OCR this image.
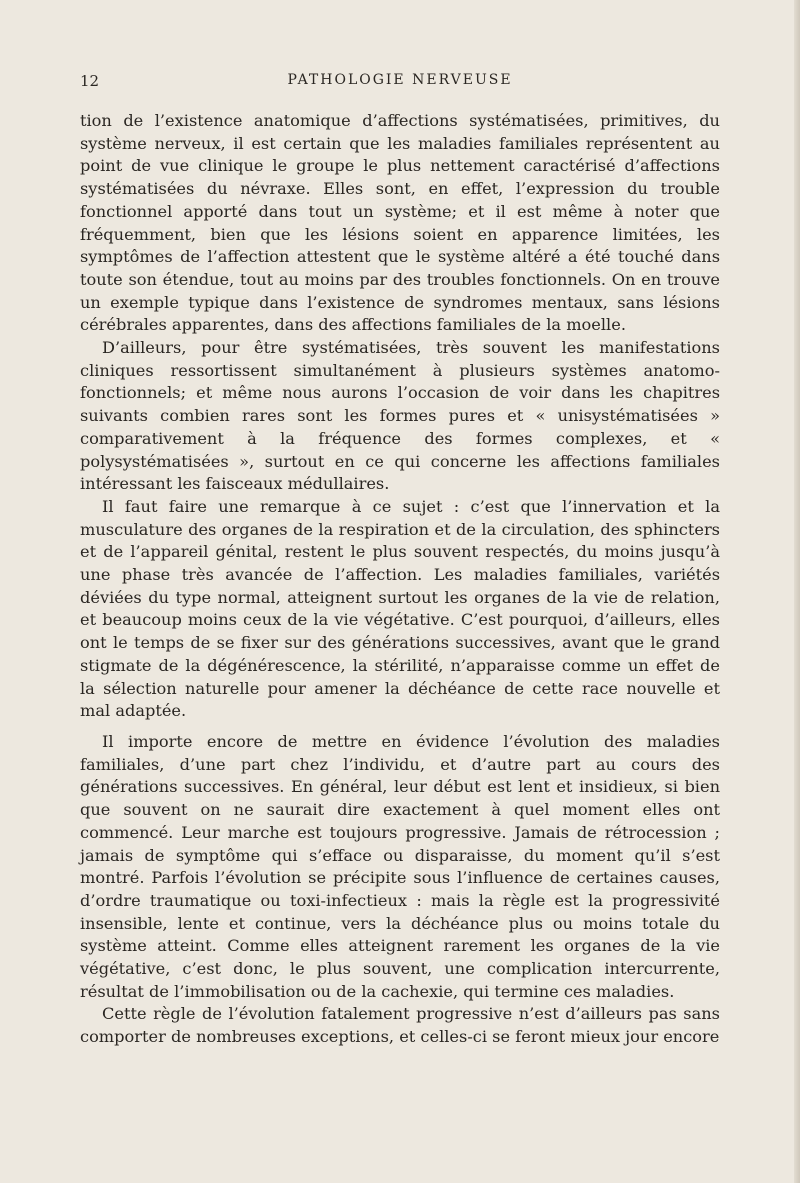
12	PATHOLOGIE NERVEUSE

tion de l’existence anatomique d’affections systématisées, primitives, du système nerveux, il est certain que les maladies familiales représentent au point de vue clinique le groupe le plus nettement caractérisé d’affections systématisées du névraxe. Elles sont, en effet, l’expression du trouble fonctionnel apporté dans tout un système; et il est même à noter que fréquemment, bien que les lésions soient en apparence limitées, les symptômes de l’affection attestent que le système altéré a été touché dans toute son étendue, tout au moins par des troubles fonctionnels. On en trouve un exemple typique dans l’existence de syndromes mentaux, sans lésions cérébrales apparentes, dans des affections familiales de la moelle.

D’ailleurs, pour être systématisées, très souvent les manifestations cliniques ressortissent simultanément à plusieurs systèmes anatomo-fonctionnels; et même nous aurons l’occasion de voir dans les chapitres suivants combien rares sont les formes pures et « unisystématisées » comparativement à la fréquence des formes complexes, et « polysystématisées », surtout en ce qui concerne les affections familiales intéressant les faisceaux médullaires.

Il faut faire une remarque à ce sujet : c’est que l’innervation et la musculature des organes de la respiration et de la circulation, des sphincters et de l’appareil génital, restent le plus souvent respectés, du moins jusqu’à une phase très avancée de l’affection. Les maladies familiales, variétés déviées du type normal, atteignent surtout les organes de la vie de relation, et beaucoup moins ceux de la vie végétative. C’est pourquoi, d’ailleurs, elles ont le temps de se fixer sur des générations successives, avant que le grand stigmate de la dégénérescence, la stérilité, n’apparaisse comme un effet de la sélection naturelle pour amener la déchéance de cette race nouvelle et mal adaptée.

Il importe encore de mettre en évidence l’évolution des maladies familiales, d’une part chez l’individu, et d’autre part au cours des générations successives. En général, leur début est lent et insidieux, si bien que souvent on ne saurait dire exactement à quel moment elles ont commencé. Leur marche est toujours progressive. Jamais de rétrocession ; jamais de symptôme qui s’efface ou disparaisse, du moment qu’il s’est montré. Parfois l’évolution se précipite sous l’influence de certaines causes, d’ordre traumatique ou toxi-infectieux : mais la règle est la progressivité insensible, lente et continue, vers la déchéance plus ou moins totale du système atteint. Comme elles atteignent rarement les organes de la vie végétative, c’est donc, le plus souvent, une complication intercurrente, résultat de l’immobilisation ou de la cachexie, qui termine ces maladies.

Cette règle de l’évolution fatalement progressive n’est d’ailleurs pas sans comporter de nombreuses exceptions, et celles-ci se feront mieux jour encore
